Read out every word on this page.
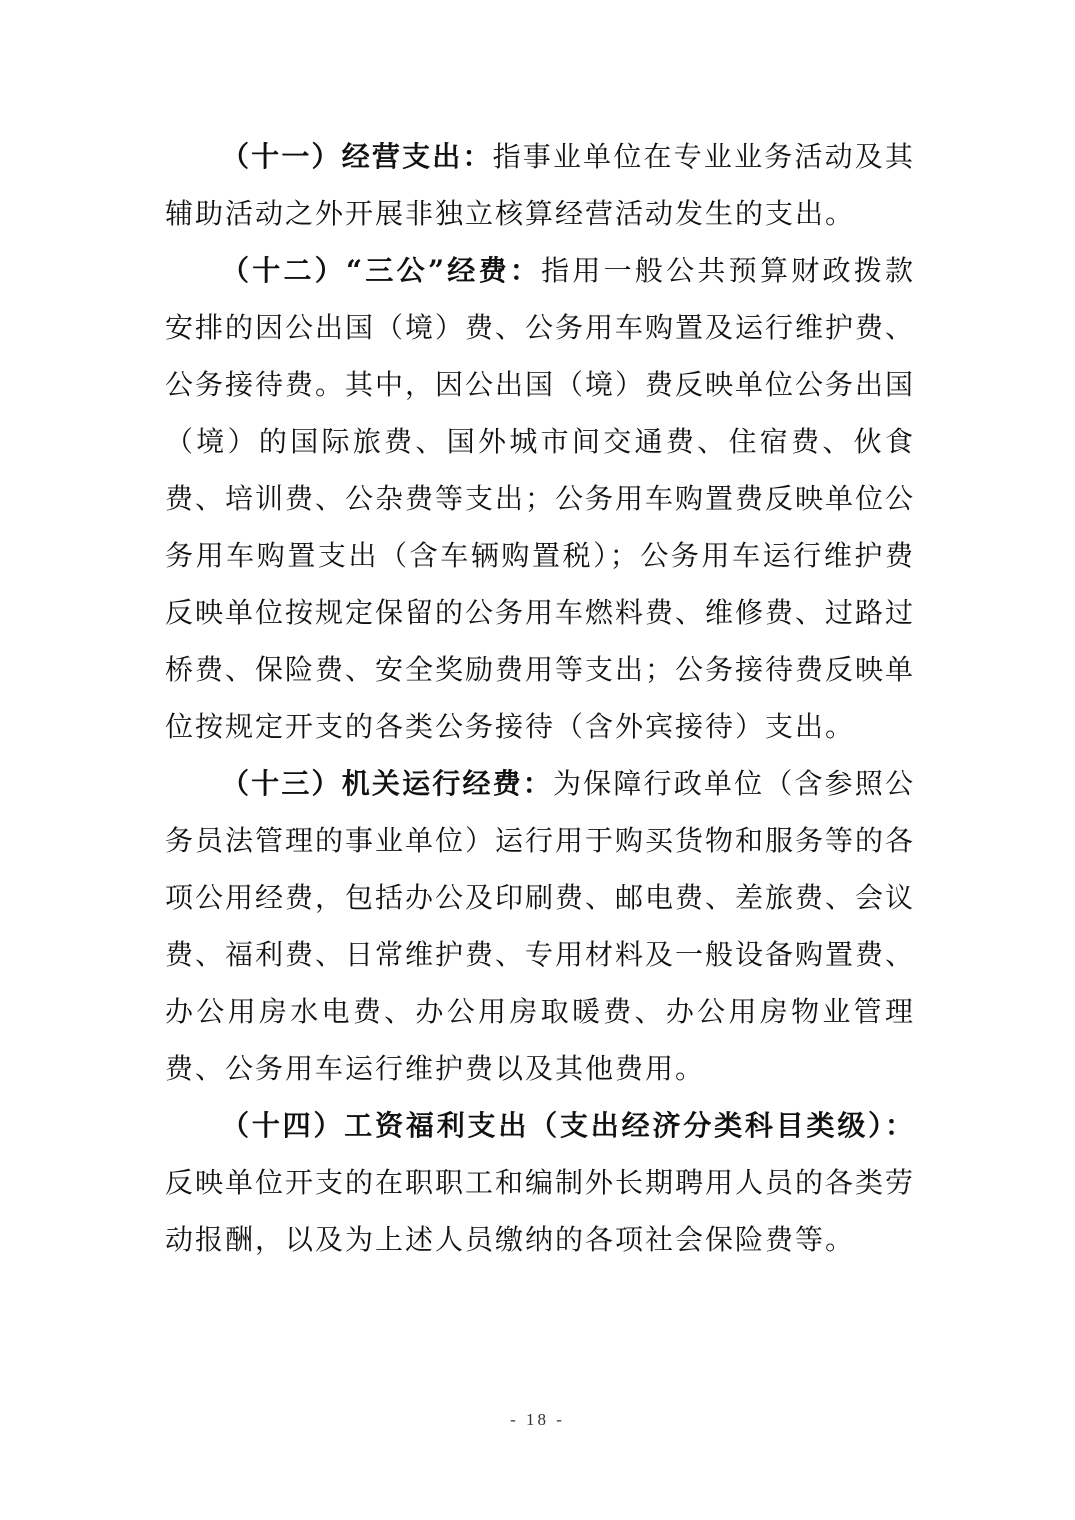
（十一）经营支出：指事业单位在专业业务活动及其辅助活动之外开展非独立核算经营活动发生的支出。

（十二）“三公”经费：指用一般公共预算财政拨款安排的因公出国（境）费、公务用车购置及运行维护费、公务接待费。其中，因公出国（境）费反映单位公务出国（境）的国际旅费、国外城市间交通费、住宿费、伙食费、培训费、公杂费等支出；公务用车购置费反映单位公务用车购置支出（含车辆购置税）；公务用车运行维护费反映单位按规定保留的公务用车燃料费、维修费、过路过桥费、保险费、安全奖励费用等支出；公务接待费反映单位按规定开支的各类公务接待（含外宾接待）支出。

（十三）机关运行经费：为保障行政单位（含参照公务员法管理的事业单位）运行用于购买货物和服务等的各项公用经费，包括办公及印刷费、邮电费、差旅费、会议费、福利费、日常维护费、专用材料及一般设备购置费、办公用房水电费、办公用房取暖费、办公用房物业管理费、公务用车运行维护费以及其他费用。

（十四）工资福利支出（支出经济分类科目类级）：反映单位开支的在职职工和编制外长期聘用人员的各类劳动报酬，以及为上述人员缴纳的各项社会保险费等。

- 18 -
